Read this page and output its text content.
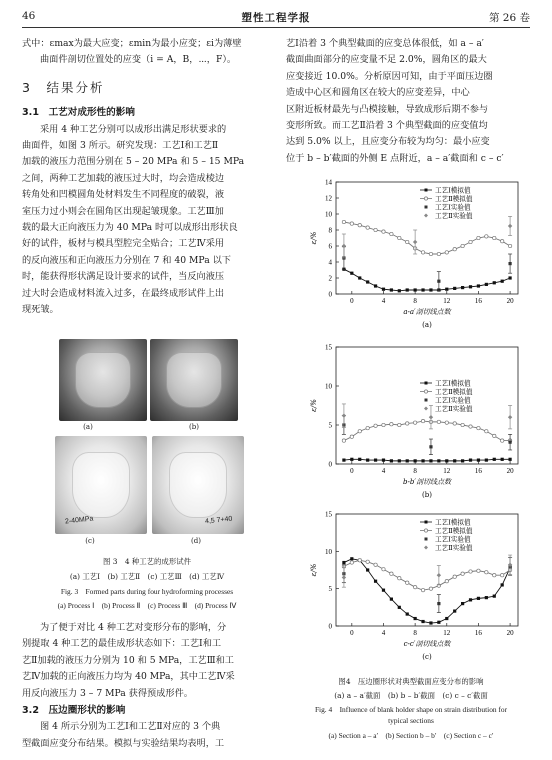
46	塑性工程学报	第 26 卷
式中：εmax为最大应变；εmin为最小应变；εi为薄壁
曲面件剖切位置处的应变（i = A，B，⋯，F）。
3　结果分析
3.1　工艺对成形性的影响
采用 4 种工艺分别可以成形出满足形状要求的
曲面件，如图 3 所示。研究发现：工艺Ⅰ和工艺Ⅱ
加载的液压力范围分别在 5 – 20 MPa 和 5 – 15 MPa
之间，两种工艺加载的液压过大时，均会造成棱边
转角处和凹模圆角处材料发生不同程度的破裂，液
室压力过小则会在圆角区出现起皱现象。工艺Ⅲ加
载的最大正向液压力为 40 MPa 时可以成形出形状良
好的试件，板材与模具型腔完全贴合；工艺Ⅳ采用
的反向液压和正向液压力分别在 7 和 40 MPa 以下
时，能获得形状满足设计要求的试件，当反向液压
过大时会造成材料流入过多，在最终成形试件上出
现死皱。
(a)	(b)
2-40MPa	4,5 7+40
(c)	(d)
图 3　4 种工艺的成形试件
(a) 工艺Ⅰ　(b) 工艺Ⅱ　(c) 工艺Ⅲ　(d) 工艺Ⅳ
Fig. 3　Formed parts during four hydroforming processes
(a) Process Ⅰ　(b) Process Ⅱ　(c) Process Ⅲ　(d) Process Ⅳ
为了便于对比 4 种工艺对变形分布的影响，分
别提取 4 种工艺的最佳成形状态如下：工艺Ⅰ和工
艺Ⅱ加载的液压力分别为 10 和 5 MPa，工艺Ⅲ和工
艺Ⅳ加载的正向液压力均为 40 MPa，其中工艺Ⅳ采
用反向液压力 3 – 7 MPa 获得预成形件。
3.2　压边圈形状的影响
图 4 所示分别为工艺Ⅰ和工艺Ⅱ对应的 3 个典
型截面应变分布结果。模拟与实验结果均表明，工
艺Ⅰ沿着 3 个典型截面的应变总体很低，如 a – a′
截面曲面部分的应变量不足 2.0%，圆角区的最大
应变接近 10.0%。分析原因可知，由于平面压边圈
造成中心区和圆角区在较大的应变差异，中心
区附近板材最先与凸模接触，导致成形后期不参与
变形所致。而工艺Ⅱ沿着 3 个典型截面的应变值均
达到 5.0% 以上，且应变分布较为均匀：最小应变
位于 b – b′截面的外侧 E 点附近，a – a′截面和 c – c′
0
2
4
6
8
10
12
14
0	4	8	12	16	20
ε/%
a-a′剖切线点数
(a)
工艺Ⅰ模拟值
工艺Ⅱ模拟值
工艺Ⅰ实验值
工艺Ⅱ实验值
0
5
10
15
0	4	8	12	16	20
ε/%
b-b′剖切线点数
(b)
工艺Ⅰ模拟值
工艺Ⅱ模拟值
工艺Ⅰ实验值
工艺Ⅱ实验值
0
5
10
15
0	4	8	12	16	20
ε/%
c-c′剖切线点数
(c)
工艺Ⅰ模拟值
工艺Ⅱ模拟值
工艺Ⅰ实验值
工艺Ⅱ实验值
图4　压边圈形状对典型截面应变分布的影响
(a) a – a′截面　(b) b – b′截面　(c) c – c′截面
Fig. 4　Influence of blank holder shape on strain distribution for
typical sections
(a) Section a – a′　(b) Section b – b′　(c) Section c – c′
